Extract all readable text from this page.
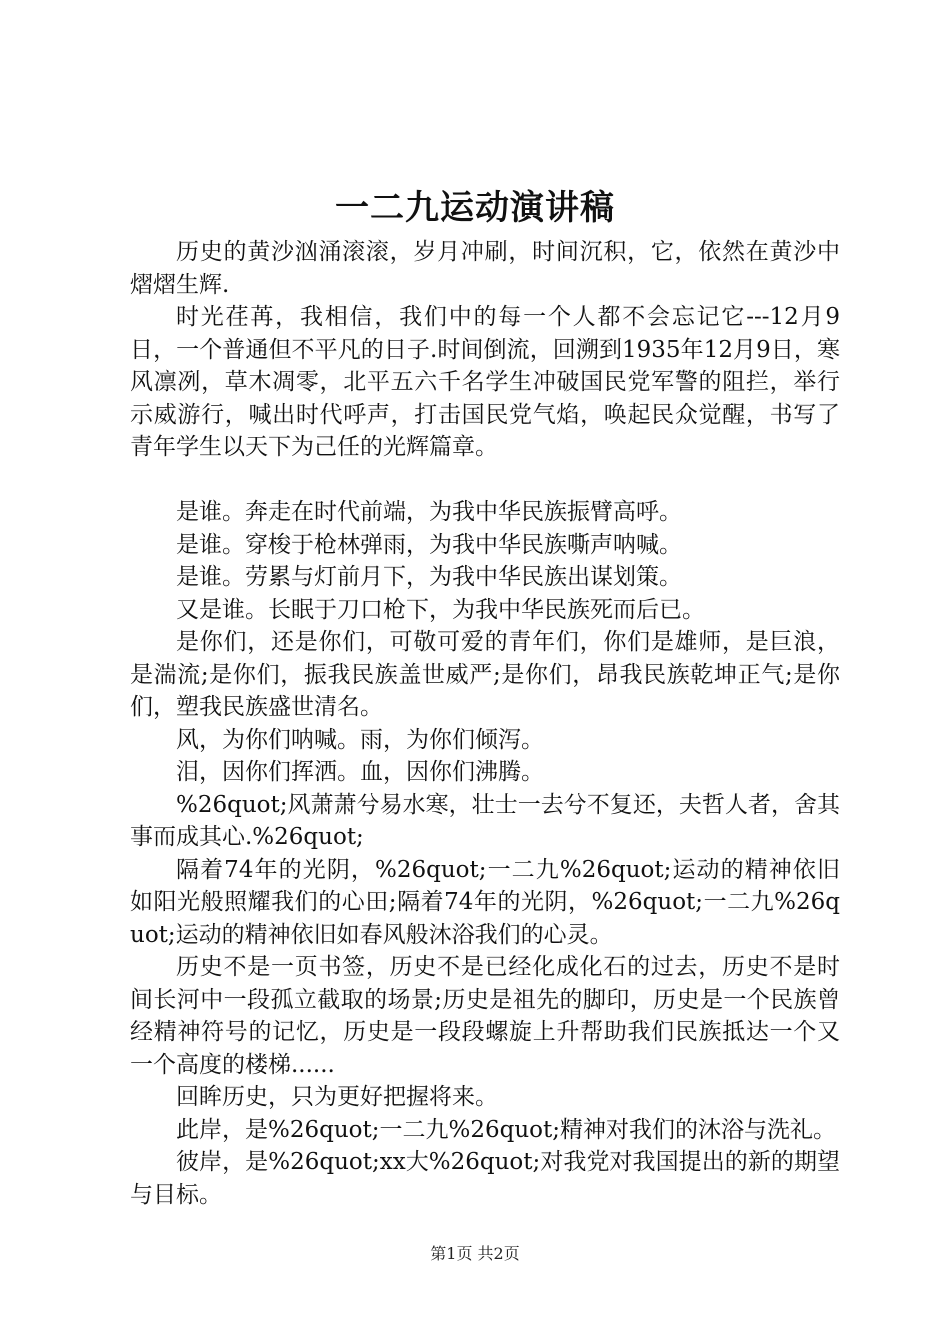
一二九运动演讲稿

历史的黄沙汹涌滚滚，岁月冲刷，时间沉积，它，依然在黄沙中熠熠生辉.

时光荏苒，我相信，我们中的每一个人都不会忘记它---12月9日，一个普通但不平凡的日子.时间倒流，回溯到1935年12月9日，寒风凛冽，草木凋零，北平五六千名学生冲破国民党军警的阻拦，举行示威游行，喊出时代呼声，打击国民党气焰，唤起民众觉醒，书写了青年学生以天下为己任的光辉篇章。

是谁。奔走在时代前端，为我中华民族振臂高呼。

是谁。穿梭于枪林弹雨，为我中华民族嘶声呐喊。

是谁。劳累与灯前月下，为我中华民族出谋划策。

又是谁。长眠于刀口枪下，为我中华民族死而后已。

是你们，还是你们，可敬可爱的青年们，你们是雄师，是巨浪，是湍流;是你们，振我民族盖世威严;是你们，昂我民族乾坤正气;是你们，塑我民族盛世清名。

风，为你们呐喊。雨，为你们倾泻。

泪，因你们挥洒。血，因你们沸腾。

%26quot;风萧萧兮易水寒，壮士一去兮不复还，夫哲人者，舍其事而成其心.%26quot;

隔着74年的光阴，%26quot;一二九%26quot;运动的精神依旧如阳光般照耀我们的心田;隔着74年的光阴，%26quot;一二九%26quot;运动的精神依旧如春风般沐浴我们的心灵。

历史不是一页书签，历史不是已经化成化石的过去，历史不是时间长河中一段孤立截取的场景;历史是祖先的脚印，历史是一个民族曾经精神符号的记忆，历史是一段段螺旋上升帮助我们民族抵达一个又一个高度的楼梯......

回眸历史，只为更好把握将来。

此岸，是%26quot;一二九%26quot;精神对我们的沐浴与洗礼。

彼岸，是%26quot;xx大%26quot;对我党对我国提出的新的期望与目标。

第1页 共2页
